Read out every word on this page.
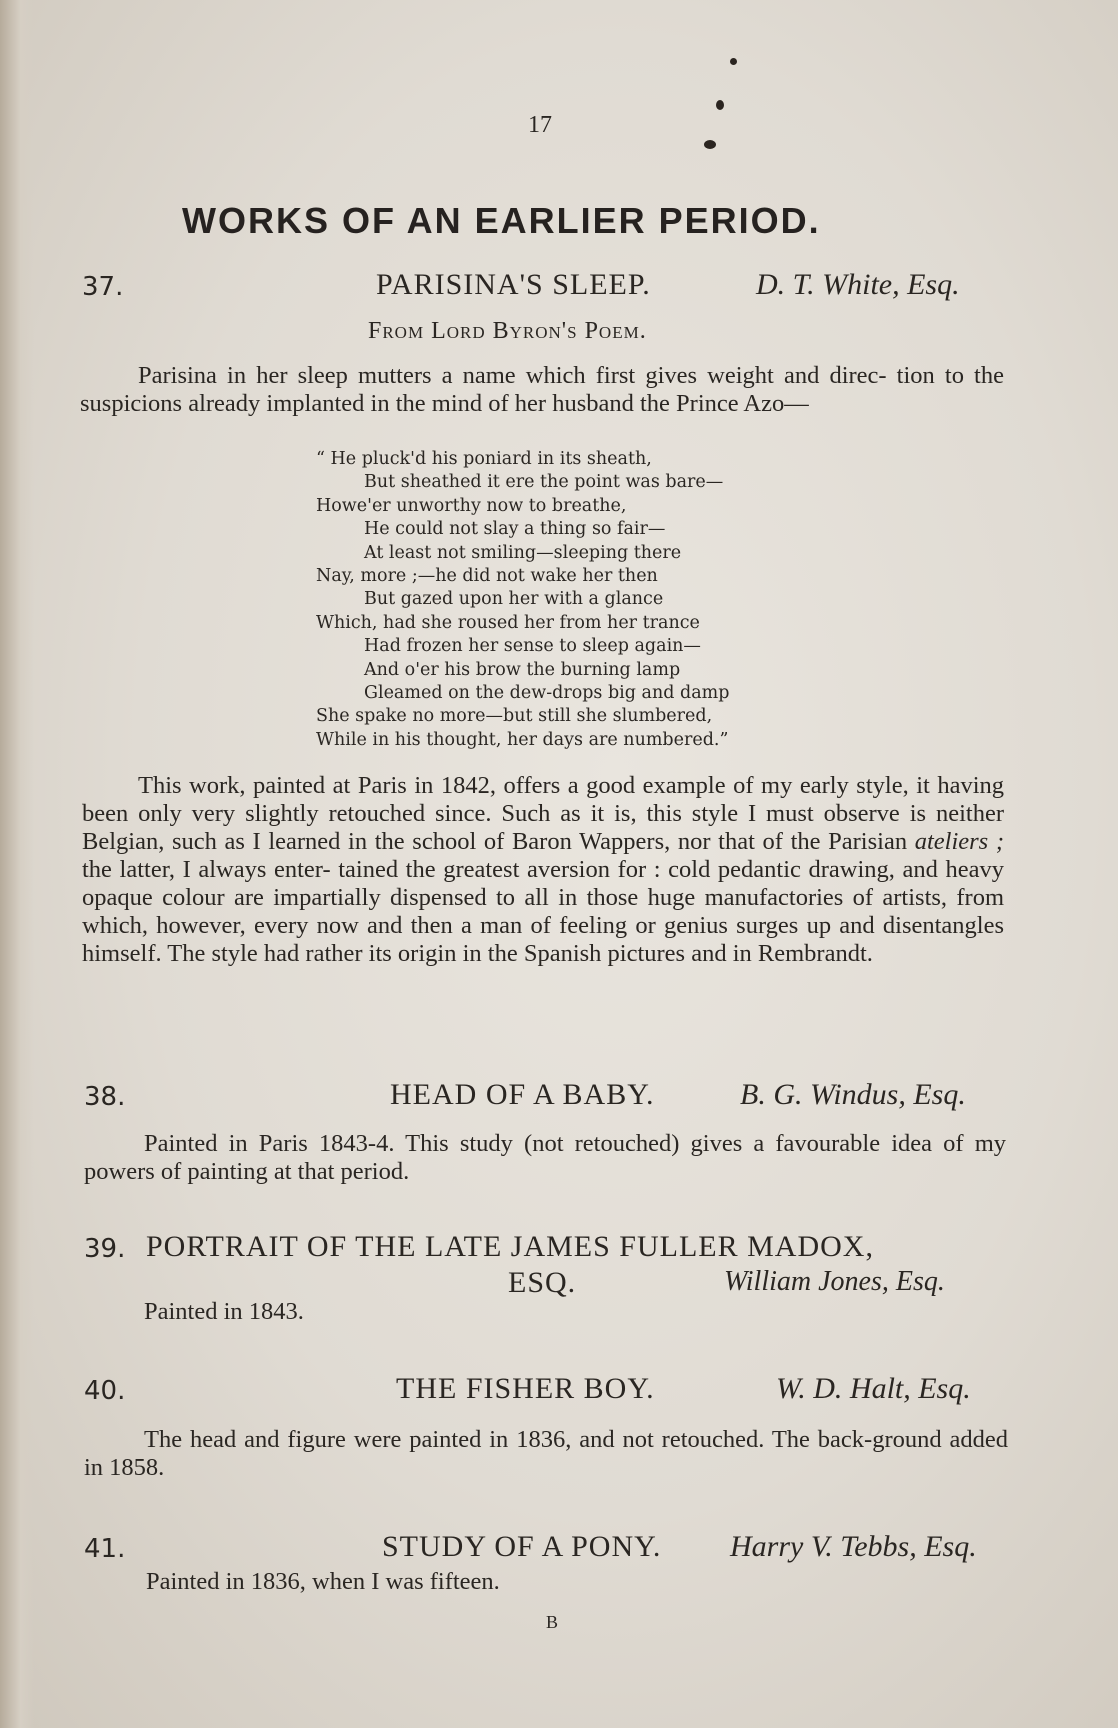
17
WORKS OF AN EARLIER PERIOD.
37.	PARISINA'S SLEEP.	D. T. White, Esq.
From Lord Byron's Poem.
Parisina in her sleep mutters a name which first gives weight and direc- tion to the suspicions already implanted in the mind of her husband the Prince Azo—
“ He pluck'd his poniard in its sheath,
But sheathed it ere the point was bare—
Howe'er unworthy now to breathe,
He could not slay a thing so fair—
At least not smiling—sleeping there
Nay, more ;—he did not wake her then
But gazed upon her with a glance
Which, had she roused her from her trance
Had frozen her sense to sleep again—
And o'er his brow the burning lamp
Gleamed on the dew-drops big and damp
She spake no more—but still she slumbered,
While in his thought, her days are numbered.”
This work, painted at Paris in 1842, offers a good example of my early style, it having been only very slightly retouched since. Such as it is, this style I must observe is neither Belgian, such as I learned in the school of Baron Wappers, nor that of the Parisian ateliers ; the latter, I always enter- tained the greatest aversion for : cold pedantic drawing, and heavy opaque colour are impartially dispensed to all in those huge manufactories of artists, from which, however, every now and then a man of feeling or genius surges up and disentangles himself. The style had rather its origin in the Spanish pictures and in Rembrandt.
38.	HEAD OF A BABY.	B. G. Windus, Esq.
Painted in Paris 1843-4. This study (not retouched) gives a favourable idea of my powers of painting at that period.
39. PORTRAIT OF THE LATE JAMES FULLER MADOX,
ESQ.	William Jones, Esq.
Painted in 1843.
40.	THE FISHER BOY.	W. D. Halt, Esq.
The head and figure were painted in 1836, and not retouched. The back-ground added in 1858.
41.	STUDY OF A PONY. Harry V. Tebbs, Esq.
Painted in 1836, when I was fifteen.
B
